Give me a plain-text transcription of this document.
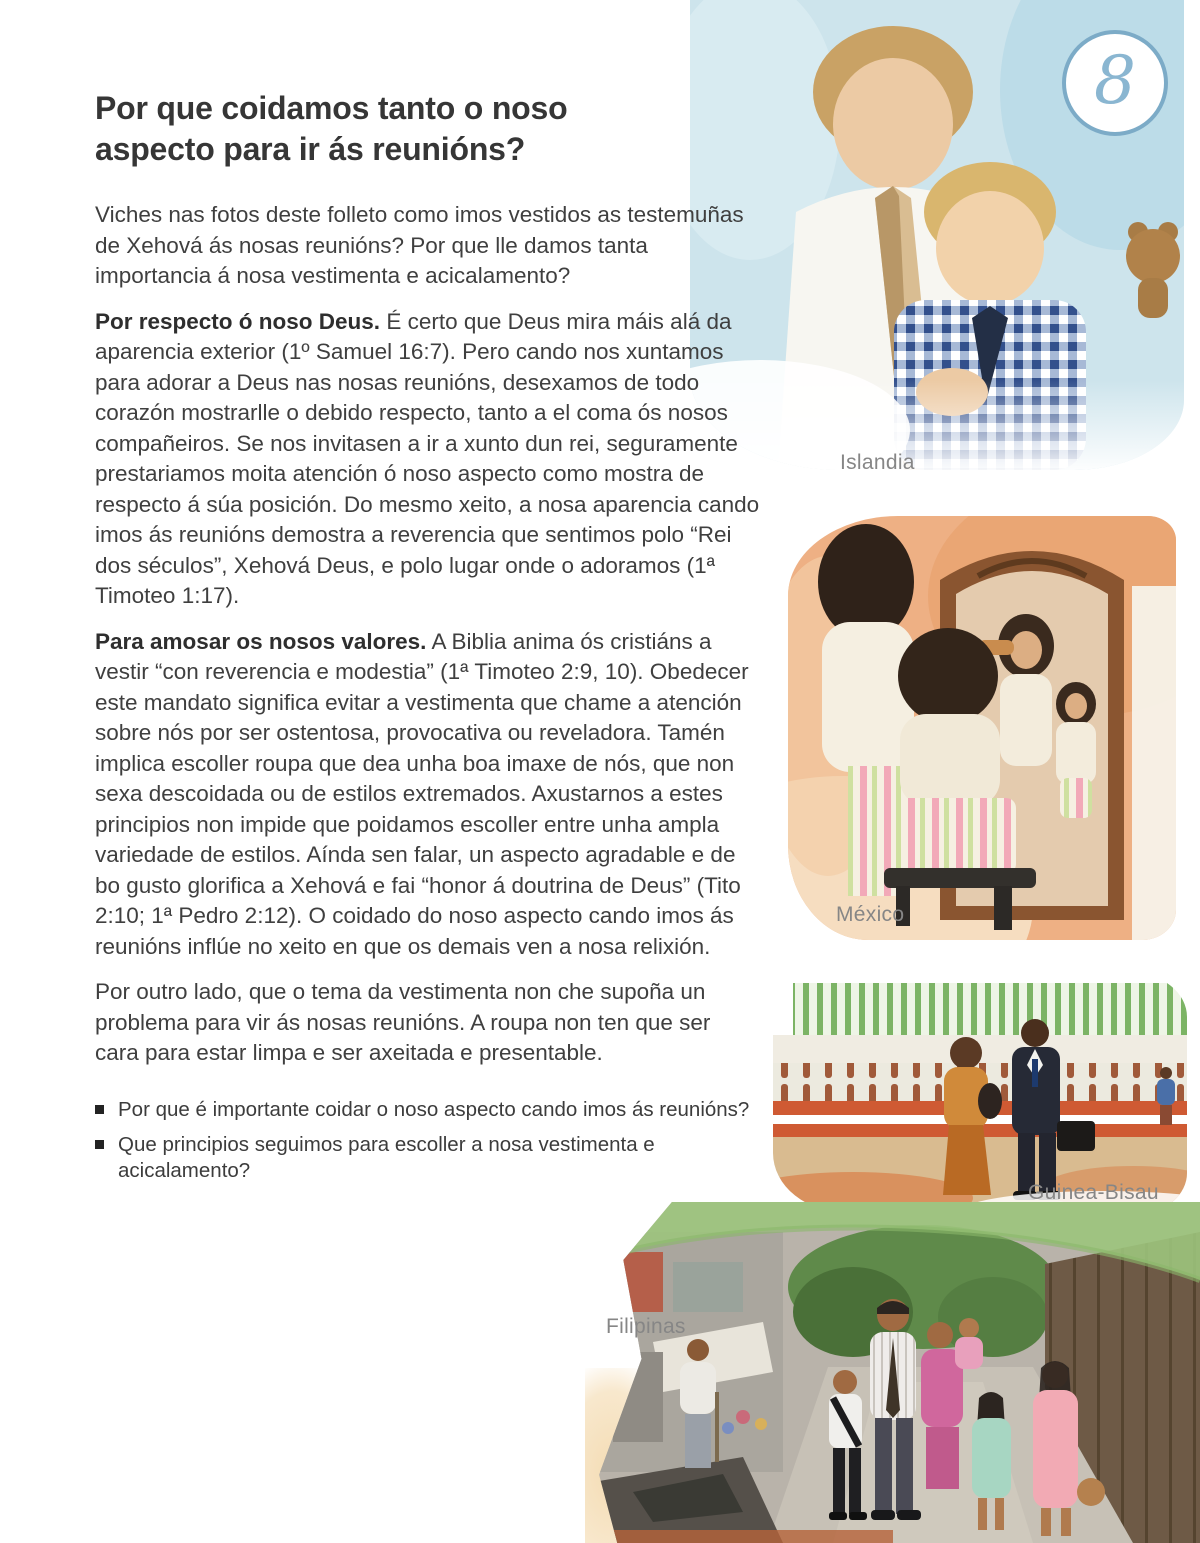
8
Islandia
México
Guinea-Bisau
Filipinas
Por que coidamos tanto o noso
aspecto para ir ás reunións?

Viches nas fotos deste folleto como imos vestidos as testemuñas de Xehová ás nosas reunións? Por que lle damos tanta importancia á nosa vestimenta e acicalamento?

Por respecto ó noso Deus. É certo que Deus mira máis alá da aparencia exterior (1º Samuel 16:7). Pero cando nos xuntamos para adorar a Deus nas nosas reunións, desexamos de todo corazón mostrarlle o debido respecto, tanto a el coma ós nosos compañeiros. Se nos invitasen a ir a xunto dun rei, seguramente prestariamos moita atención ó noso aspecto como mostra de respecto á súa posición. Do mesmo xeito, a nosa aparencia cando imos ás reunións demostra a reverencia que sentimos polo “Rei dos séculos”, Xehová Deus, e polo lugar onde o adoramos (1ª Timoteo 1:17).

Para amosar os nosos valores. A Biblia anima ós cristiáns a vestir “con reverencia e modestia” (1ª Timoteo 2:9, 10). Obedecer este mandato significa evitar a vestimenta que chame a atención sobre nós por ser ostentosa, provocativa ou reveladora. Tamén implica escoller roupa que dea unha boa imaxe de nós, que non sexa descoidada ou de estilos extremados. Axustarnos a estes principios non impide que poidamos escoller entre unha ampla variedade de estilos. Aínda sen falar, un aspecto agradable e de bo gusto glorifica a Xehová e fai “honor á doutrina de Deus” (Tito 2:10; 1ª Pedro 2:12). O coidado do noso aspecto cando imos ás reunións inflúe no xeito en que os demais ven a nosa relixión.

Por outro lado, que o tema da vestimenta non che supoña un problema para vir ás nosas reunións. A roupa non ten que ser cara para estar limpa e ser axeitada e presentable.

Por que é importante coidar o noso aspecto cando imos ás reunións?
Que principios seguimos para escoller a nosa vestimenta e acicalamento?
